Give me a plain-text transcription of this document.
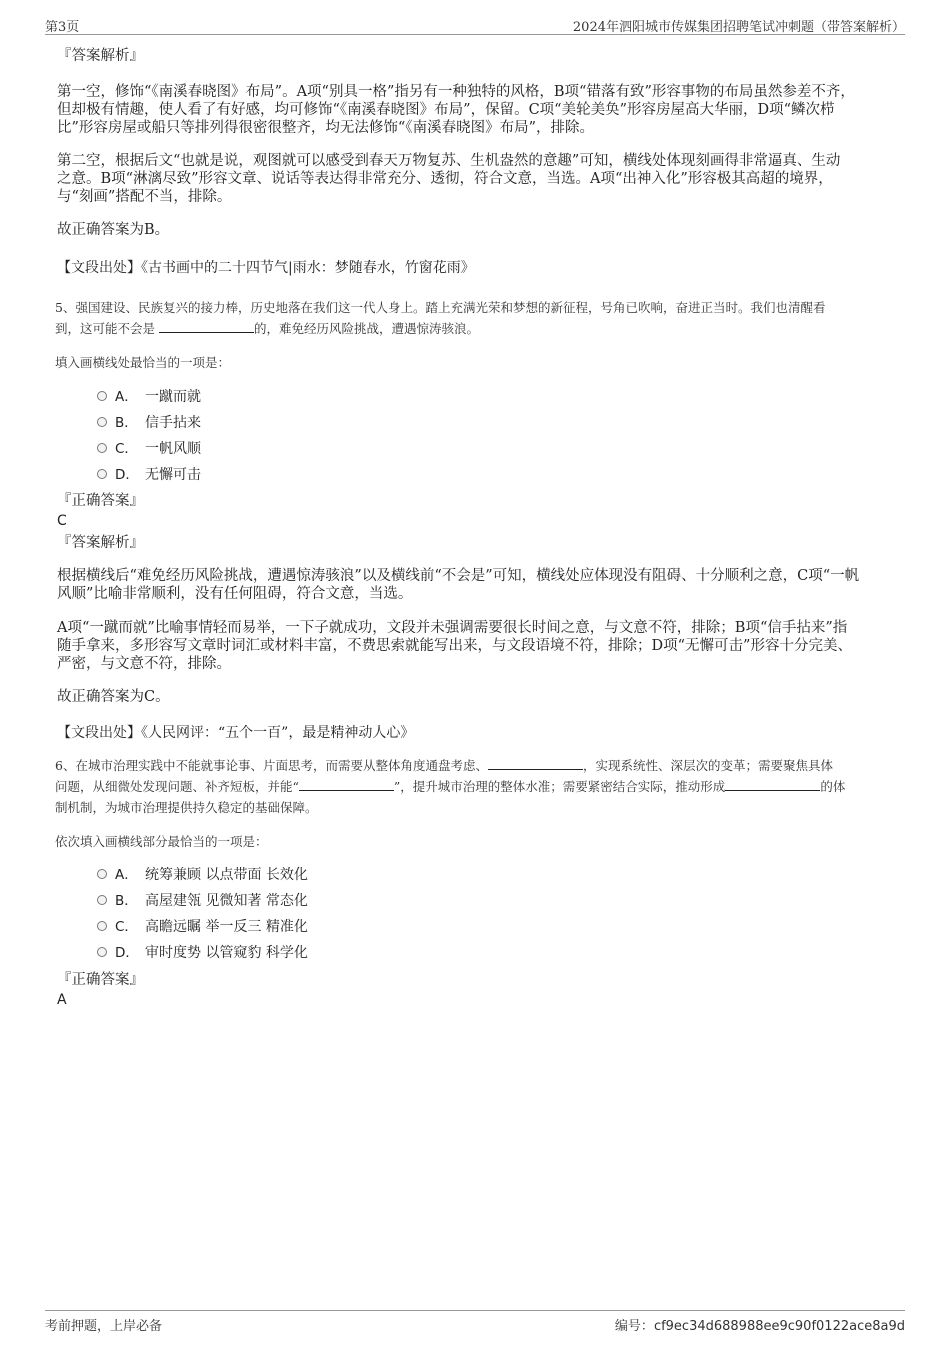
第3页	2024年泗阳城市传媒集团招聘笔试冲刺题（带答案解析）
『答案解析』
第一空，修饰“《南溪春晓图》布局”。A项“别具一格”指另有一种独特的风格，B项“错落有致”形容事物的布局虽然参差不齐，
但却极有情趣，使人看了有好感，均可修饰“《南溪春晓图》布局”，保留。C项“美轮美奂”形容房屋高大华丽，D项“鳞次栉
比”形容房屋或船只等排列得很密很整齐，均无法修饰“《南溪春晓图》布局”，排除。
第二空，根据后文“也就是说，观图就可以感受到春天万物复苏、生机盎然的意趣”可知，横线处体现刻画得非常逼真、生动
之意。B项“淋漓尽致”形容文章、说话等表达得非常充分、透彻，符合文意，当选。A项“出神入化”形容极其高超的境界，
与“刻画”搭配不当，排除。
故正确答案为B。
【文段出处】《古书画中的二十四节气|雨水：梦随春水，竹窗花雨》
5、强国建设、民族复兴的接力棒，历史地落在我们这一代人身上。踏上充满光荣和梦想的新征程，号角已吹响，奋进正当时。我们也清醒看
到，这可能不会是	的，难免经历风险挑战，遭遇惊涛骇浪。
填入画横线处最恰当的一项是：
A． 一蹴而就
B． 信手拈来
C． 一帆风顺
D． 无懈可击
『正确答案』
C
『答案解析』
根据横线后“难免经历风险挑战，遭遇惊涛骇浪”以及横线前“不会是”可知，横线处应体现没有阻碍、十分顺利之意，C项“一帆
风顺”比喻非常顺利，没有任何阻碍，符合文意，当选。
A项“一蹴而就”比喻事情轻而易举，一下子就成功，文段并未强调需要很长时间之意，与文意不符，排除；B项“信手拈来”指
随手拿来，多形容写文章时词汇或材料丰富，不费思索就能写出来，与文段语境不符，排除；D项“无懈可击”形容十分完美、
严密，与文意不符，排除。
故正确答案为C。
【文段出处】《人民网评：“五个一百”，最是精神动人心》
6、在城市治理实践中不能就事论事、片面思考，而需要从整体角度通盘考虑、	，实现系统性、深层次的变革；需要聚焦具体
问题，从细微处发现问题、补齐短板，并能“	”，提升城市治理的整体水准；需要紧密结合实际，推动形成	的体
制机制，为城市治理提供持久稳定的基础保障。
依次填入画横线部分最恰当的一项是：
A． 统筹兼顾 以点带面 长效化
B． 高屋建瓴 见微知著 常态化
C． 高瞻远瞩 举一反三 精准化
D． 审时度势 以管窥豹 科学化
『正确答案』
A
考前押题，上岸必备	编号：cf9ec34d688988ee9c90f0122ace8a9d
